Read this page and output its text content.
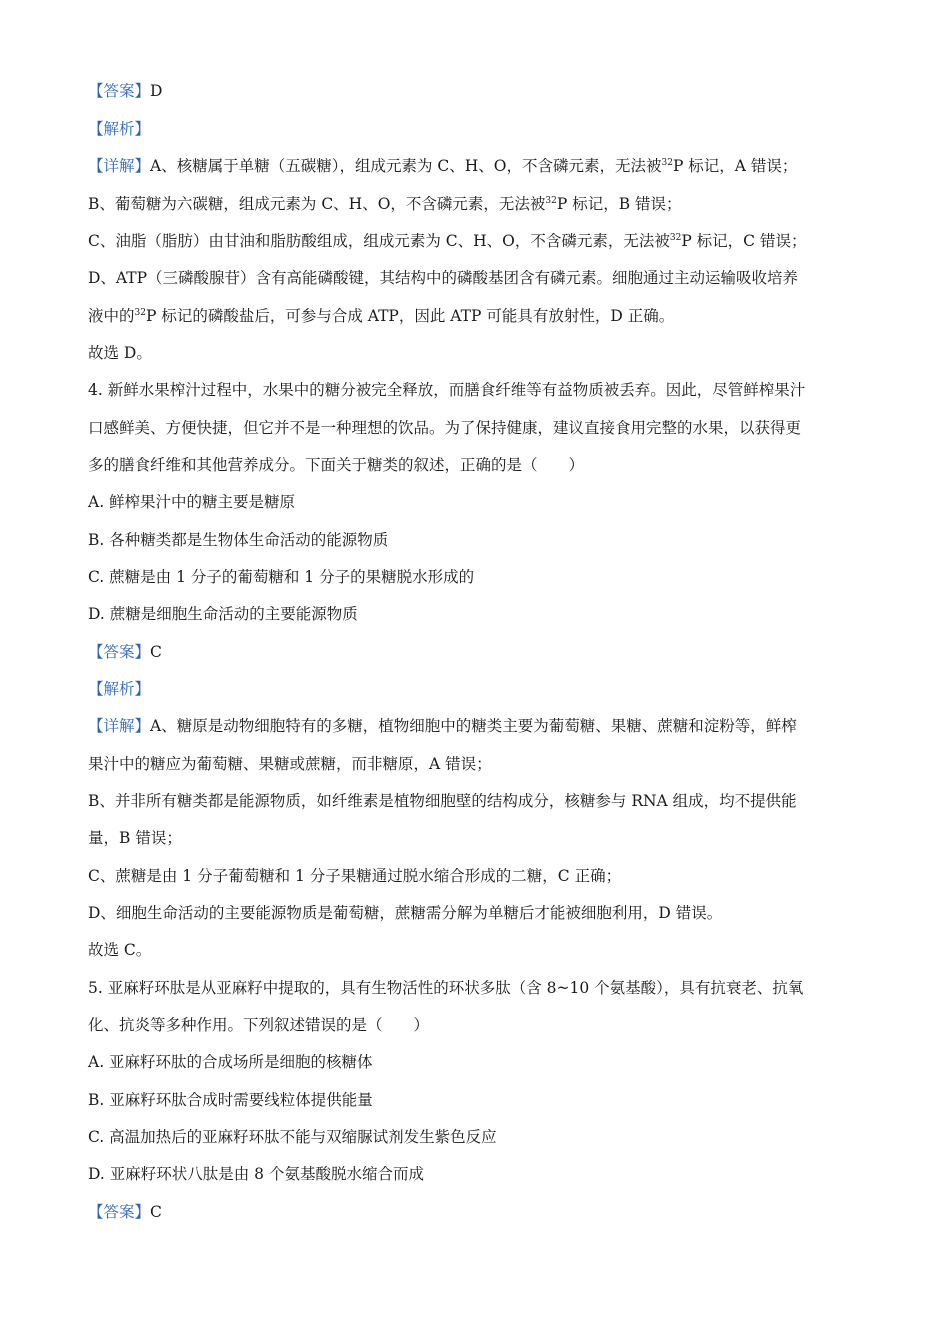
【答案】D

【解析】

【详解】A、核糖属于单糖（五碳糖），组成元素为 C、H、O，不含磷元素，无法被$^{32}$P 标记，A 错误；

B、葡萄糖为六碳糖，组成元素为 C、H、O，不含磷元素，无法被$^{32}$P 标记，B 错误；

C、油脂（脂肪）由甘油和脂肪酸组成，组成元素为 C、H、O，不含磷元素，无法被$^{32}$P 标记，C 错误；

D、ATP（三磷酸腺苷）含有高能磷酸键，其结构中的磷酸基团含有磷元素。细胞通过主动运输吸收培养

液中的$^{32}$P 标记的磷酸盐后，可参与合成 ATP，因此 ATP 可能具有放射性，D 正确。

故选 D。

4. 新鲜水果榨汁过程中，水果中的糖分被完全释放，而膳食纤维等有益物质被丢弃。因此，尽管鲜榨果汁

口感鲜美、方便快捷，但它并不是一种理想的饮品。为了保持健康，建议直接食用完整的水果，以获得更

多的膳食纤维和其他营养成分。下面关于糖类的叙述，正确的是（　　）

A. 鲜榨果汁中的糖主要是糖原

B. 各种糖类都是生物体生命活动的能源物质

C. 蔗糖是由 1 分子的葡萄糖和 1 分子的果糖脱水形成的

D. 蔗糖是细胞生命活动的主要能源物质

【答案】C

【解析】

【详解】A、糖原是动物细胞特有的多糖，植物细胞中的糖类主要为葡萄糖、果糖、蔗糖和淀粉等，鲜榨

果汁中的糖应为葡萄糖、果糖或蔗糖，而非糖原，A 错误；

B、并非所有糖类都是能源物质，如纤维素是植物细胞壁的结构成分，核糖参与 RNA 组成，均不提供能

量，B 错误；

C、蔗糖是由 1 分子葡萄糖和 1 分子果糖通过脱水缩合形成的二糖，C 正确；

D、细胞生命活动的主要能源物质是葡萄糖，蔗糖需分解为单糖后才能被细胞利用，D 错误。

故选 C。

5. 亚麻籽环肽是从亚麻籽中提取的，具有生物活性的环状多肽（含 8~10 个氨基酸），具有抗衰老、抗氧

化、抗炎等多种作用。下列叙述错误的是（　　）

A. 亚麻籽环肽的合成场所是细胞的核糖体

B. 亚麻籽环肽合成时需要线粒体提供能量

C. 高温加热后的亚麻籽环肽不能与双缩脲试剂发生紫色反应

D. 亚麻籽环状八肽是由 8 个氨基酸脱水缩合而成

【答案】C
